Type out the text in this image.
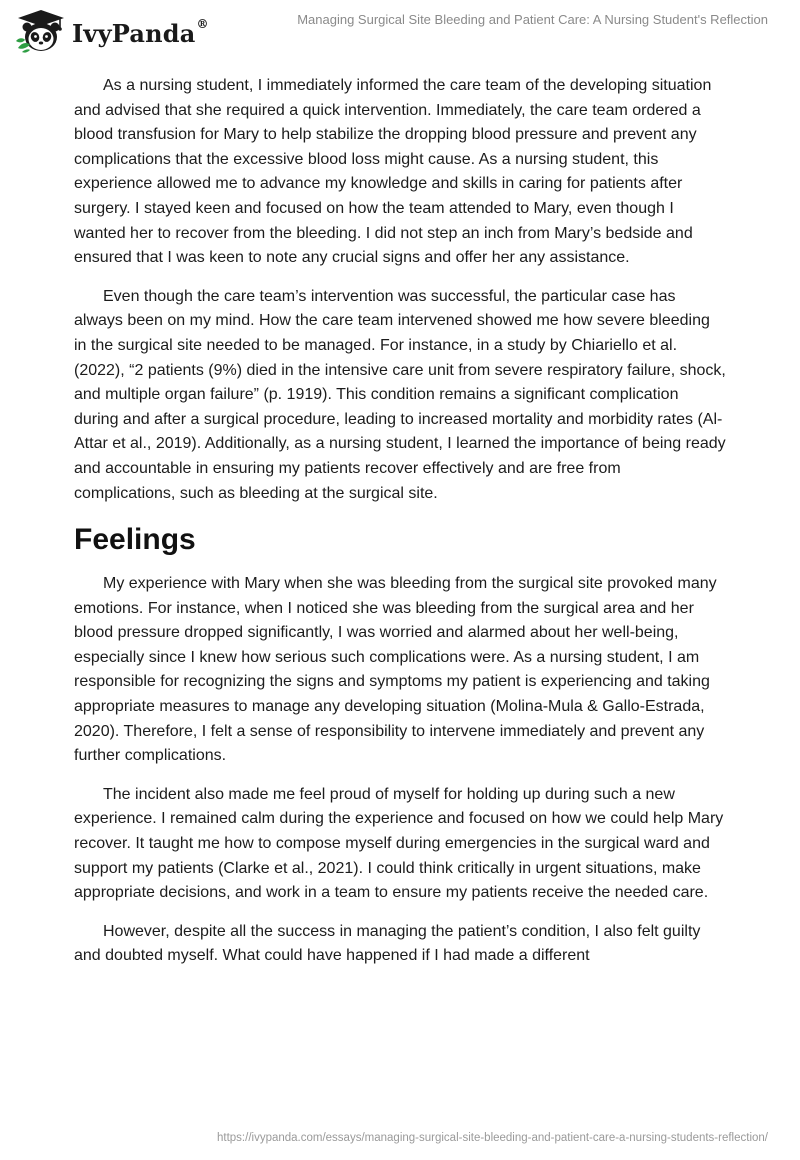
IvyPanda®	Managing Surgical Site Bleeding and Patient Care: A Nursing Student's Reflection

As a nursing student, I immediately informed the care team of the developing situation and advised that she required a quick intervention. Immediately, the care team ordered a blood transfusion for Mary to help stabilize the dropping blood pressure and prevent any complications that the excessive blood loss might cause. As a nursing student, this experience allowed me to advance my knowledge and skills in caring for patients after surgery. I stayed keen and focused on how the team attended to Mary, even though I wanted her to recover from the bleeding. I did not step an inch from Mary’s bedside and ensured that I was keen to note any crucial signs and offer her any assistance.

Even though the care team’s intervention was successful, the particular case has always been on my mind. How the care team intervened showed me how severe bleeding in the surgical site needed to be managed. For instance, in a study by Chiariello et al. (2022), “2 patients (9%) died in the intensive care unit from severe respiratory failure, shock, and multiple organ failure” (p. 1919). This condition remains a significant complication during and after a surgical procedure, leading to increased mortality and morbidity rates (Al-Attar et al., 2019). Additionally, as a nursing student, I learned the importance of being ready and accountable in ensuring my patients recover effectively and are free from complications, such as bleeding at the surgical site.

Feelings

My experience with Mary when she was bleeding from the surgical site provoked many emotions. For instance, when I noticed she was bleeding from the surgical area and her blood pressure dropped significantly, I was worried and alarmed about her well-being, especially since I knew how serious such complications were. As a nursing student, I am responsible for recognizing the signs and symptoms my patient is experiencing and taking appropriate measures to manage any developing situation (Molina-Mula & Gallo-Estrada, 2020). Therefore, I felt a sense of responsibility to intervene immediately and prevent any further complications.

The incident also made me feel proud of myself for holding up during such a new experience. I remained calm during the experience and focused on how we could help Mary recover. It taught me how to compose myself during emergencies in the surgical ward and support my patients (Clarke et al., 2021). I could think critically in urgent situations, make appropriate decisions, and work in a team to ensure my patients receive the needed care.

However, despite all the success in managing the patient’s condition, I also felt guilty and doubted myself. What could have happened if I had made a different

https://ivypanda.com/essays/managing-surgical-site-bleeding-and-patient-care-a-nursing-students-reflection/
